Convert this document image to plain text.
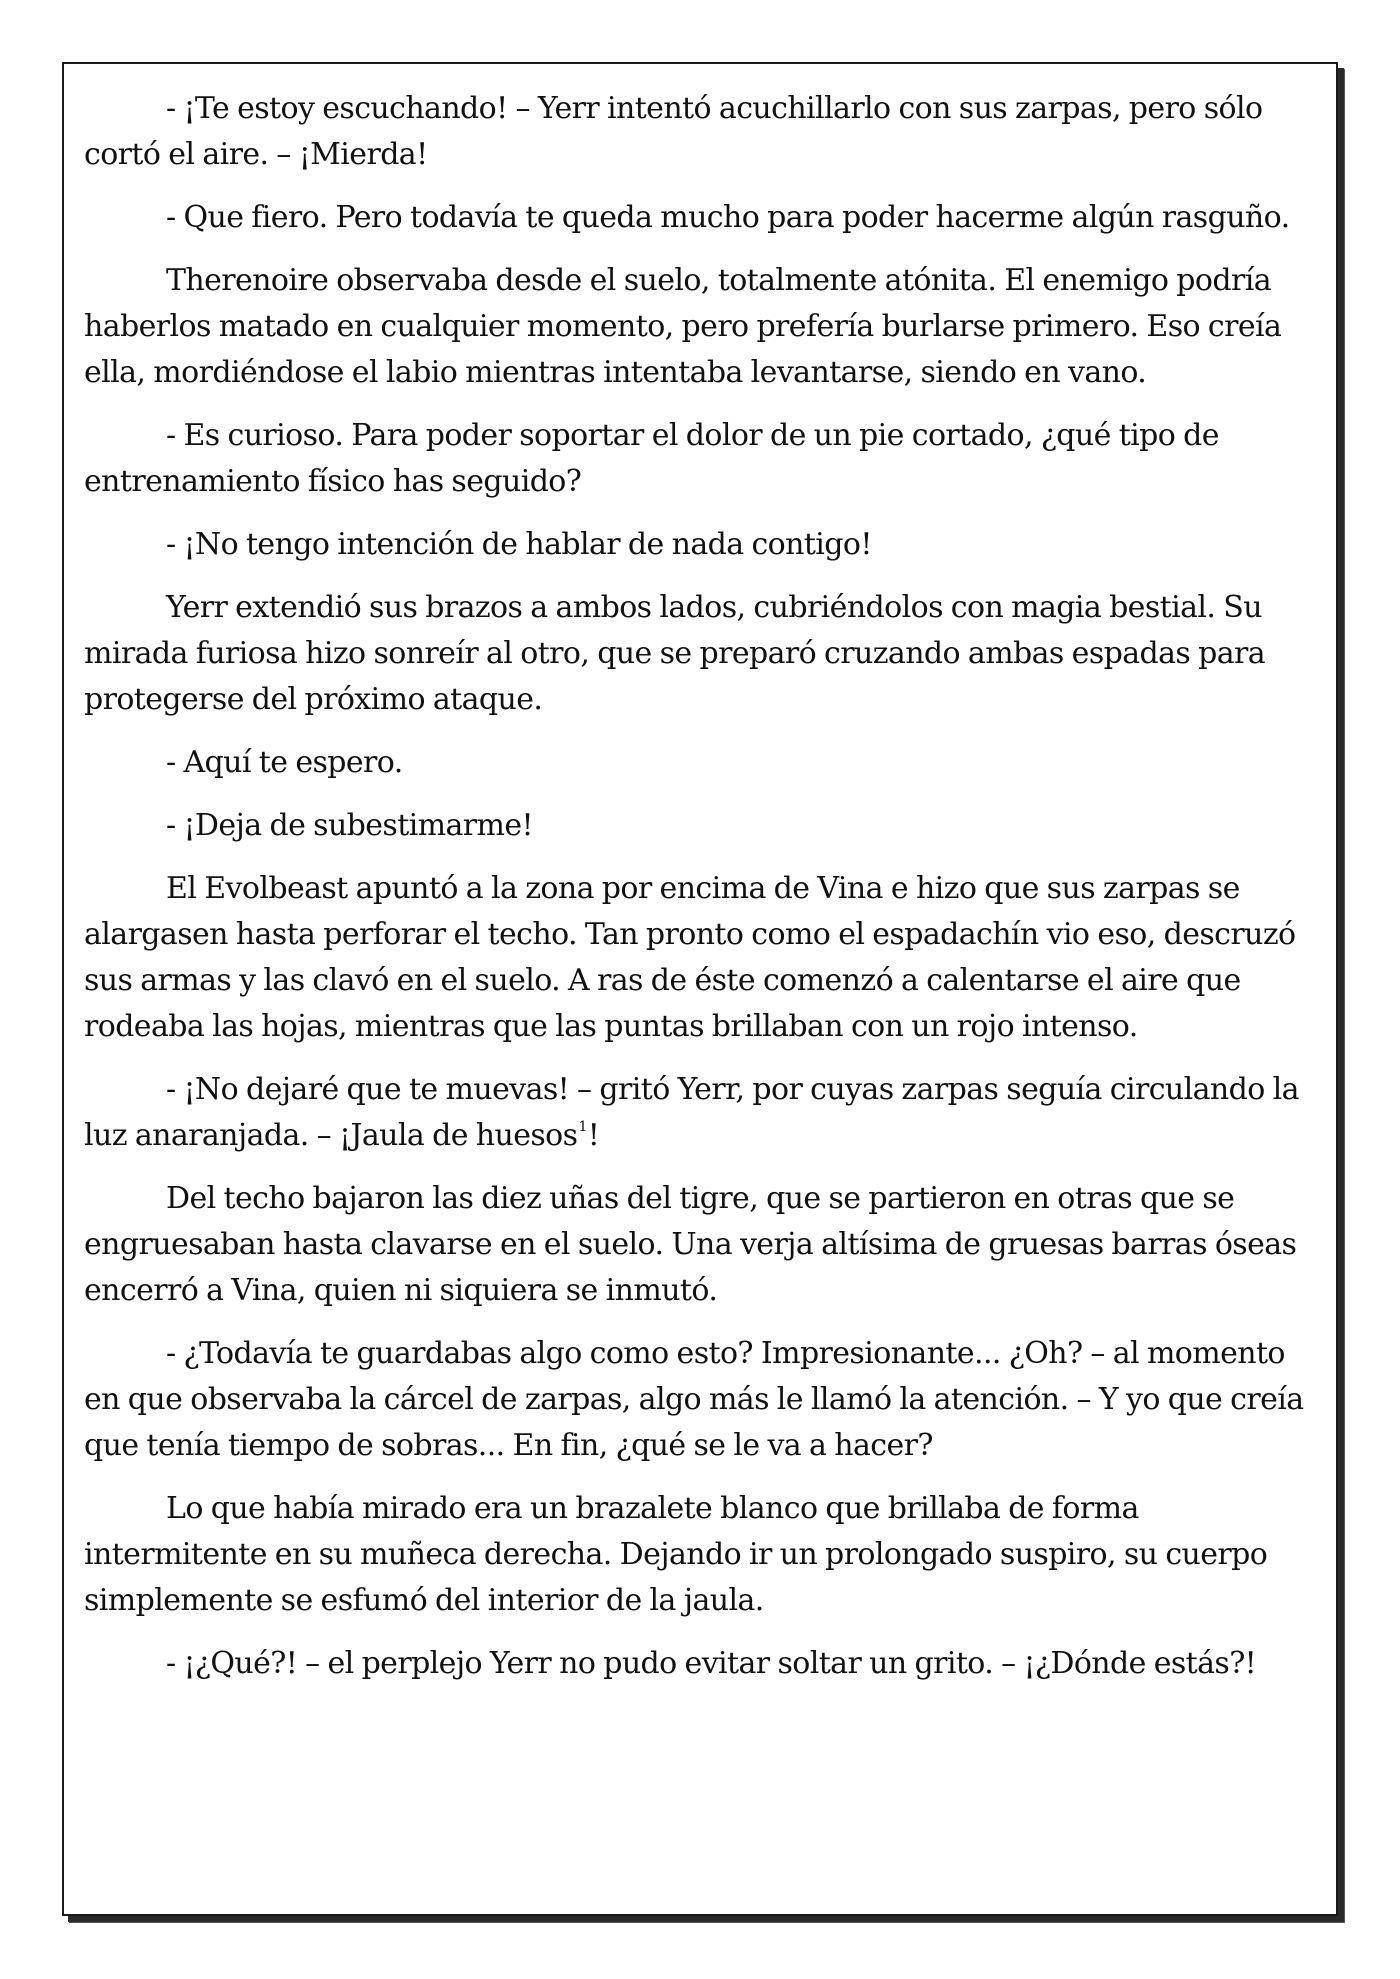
- ¡Te estoy escuchando! – Yerr intentó acuchillarlo con sus zarpas, pero sólo cortó el aire. – ¡Mierda!

- Que fiero. Pero todavía te queda mucho para poder hacerme algún rasguño.

Therenoire observaba desde el suelo, totalmente atónita. El enemigo podría haberlos matado en cualquier momento, pero prefería burlarse primero. Eso creía ella, mordiéndose el labio mientras intentaba levantarse, siendo en vano.

- Es curioso. Para poder soportar el dolor de un pie cortado, ¿qué tipo de entrenamiento físico has seguido?

- ¡No tengo intención de hablar de nada contigo!

Yerr extendió sus brazos a ambos lados, cubriéndolos con magia bestial. Su mirada furiosa hizo sonreír al otro, que se preparó cruzando ambas espadas para protegerse del próximo ataque.

- Aquí te espero.

- ¡Deja de subestimarme!

El Evolbeast apuntó a la zona por encima de Vina e hizo que sus zarpas se alargasen hasta perforar el techo. Tan pronto como el espadachín vio eso, descruzó sus armas y las clavó en el suelo. A ras de éste comenzó a calentarse el aire que rodeaba las hojas, mientras que las puntas brillaban con un rojo intenso.

- ¡No dejaré que te muevas! – gritó Yerr, por cuyas zarpas seguía circulando la luz anaranjada. – ¡Jaula de huesos$^1$!

Del techo bajaron las diez uñas del tigre, que se partieron en otras que se engruesaban hasta clavarse en el suelo. Una verja altísima de gruesas barras óseas encerró a Vina, quien ni siquiera se inmutó.

- ¿Todavía te guardabas algo como esto? Impresionante... ¿Oh? – al momento en que observaba la cárcel de zarpas, algo más le llamó la atención. – Y yo que creía que tenía tiempo de sobras... En fin, ¿qué se le va a hacer?

Lo que había mirado era un brazalete blanco que brillaba de forma intermitente en su muñeca derecha. Dejando ir un prolongado suspiro, su cuerpo simplemente se esfumó del interior de la jaula.

- ¡¿Qué?! – el perplejo Yerr no pudo evitar soltar un grito. – ¡¿Dónde estás?!
